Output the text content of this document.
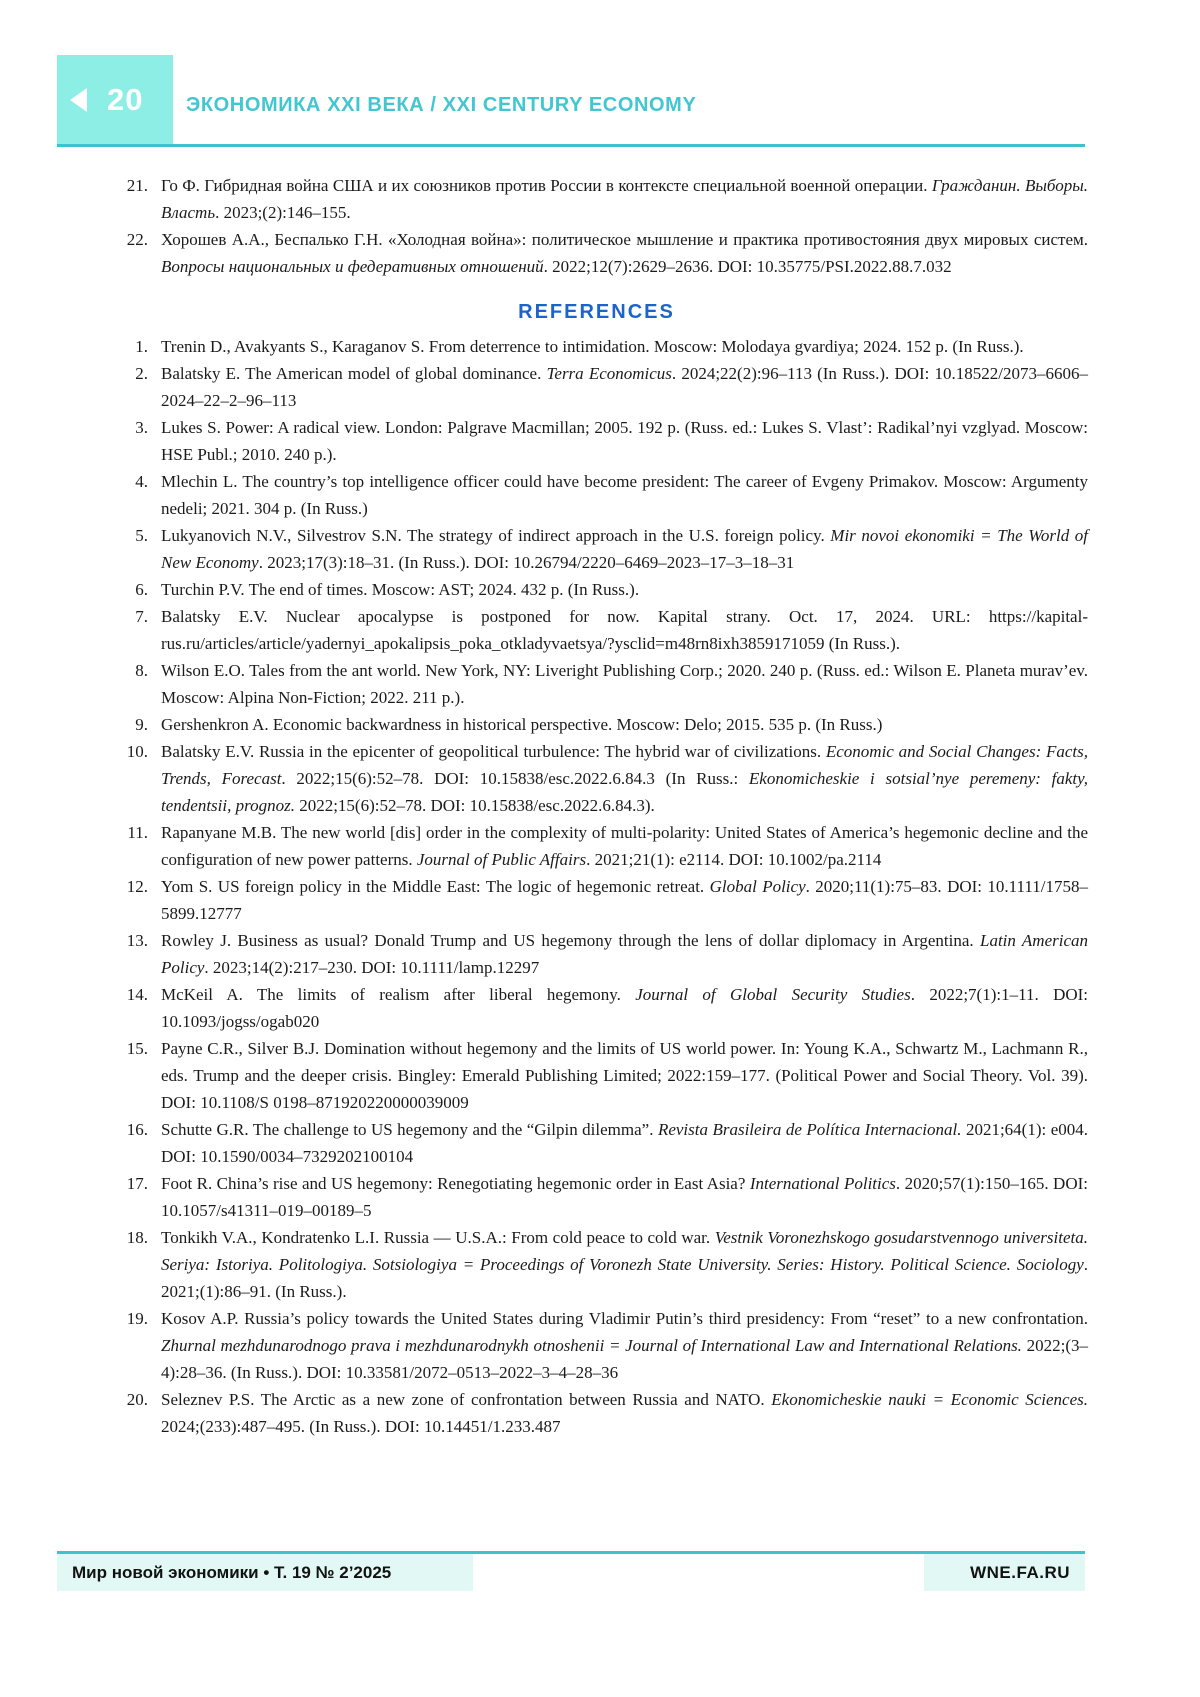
20 ЭКОНОМИКА XXI ВЕКА / XXI CENTURY ECONOMY
21. Го Ф. Гибридная война США и их союзников против России в контексте специальной военной операции. Гражданин. Выборы. Власть. 2023;(2):146–155.
22. Хорошев А.А., Беспалько Г.Н. «Холодная война»: политическое мышление и практика противостояния двух мировых систем. Вопросы национальных и федеративных отношений. 2022;12(7):2629–2636. DOI: 10.35775/PSI.2022.88.7.032
REFERENCES
1. Trenin D., Avakyants S., Karaganov S. From deterrence to intimidation. Moscow: Molodaya gvardiya; 2024. 152 p. (In Russ.).
2. Balatsky E. The American model of global dominance. Terra Economicus. 2024;22(2):96–113 (In Russ.). DOI: 10.18522/2073–6606–2024–22–2–96–113
3. Lukes S. Power: A radical view. London: Palgrave Macmillan; 2005. 192 p. (Russ. ed.: Lukes S. Vlast’: Radikal’nyi vzglyad. Moscow: HSE Publ.; 2010. 240 p.).
4. Mlechin L. The country’s top intelligence officer could have become president: The career of Evgeny Primakov. Moscow: Argumenty nedeli; 2021. 304 p. (In Russ.)
5. Lukyanovich N.V., Silvestrov S.N. The strategy of indirect approach in the U.S. foreign policy. Mir novoi ekonomiki = The World of New Economy. 2023;17(3):18–31. (In Russ.). DOI: 10.26794/2220–6469–2023–17–3–18–31
6. Turchin P.V. The end of times. Moscow: AST; 2024. 432 p. (In Russ.).
7. Balatsky E.V. Nuclear apocalypse is postponed for now. Kapital strany. Oct. 17, 2024. URL: https://kapital-rus.ru/articles/article/yadernyi_apokalipsis_poka_otkladyvaetsya/?ysclid=m48rn8ixh3859171059 (In Russ.).
8. Wilson E.O. Tales from the ant world. New York, NY: Liveright Publishing Corp.; 2020. 240 p. (Russ. ed.: Wilson E. Planeta murav’ev. Moscow: Alpina Non-Fiction; 2022. 211 p.).
9. Gershenkron A. Economic backwardness in historical perspective. Moscow: Delo; 2015. 535 p. (In Russ.)
10. Balatsky E.V. Russia in the epicenter of geopolitical turbulence: The hybrid war of civilizations. Economic and Social Changes: Facts, Trends, Forecast. 2022;15(6):52–78. DOI: 10.15838/esc.2022.6.84.3 (In Russ.: Ekonomicheskie i sotsial’nye peremeny: fakty, tendentsii, prognoz. 2022;15(6):52–78. DOI: 10.15838/esc.2022.6.84.3).
11. Rapanyane M.B. The new world [dis] order in the complexity of multi-polarity: United States of America’s hegemonic decline and the configuration of new power patterns. Journal of Public Affairs. 2021;21(1): e2114. DOI: 10.1002/pa.2114
12. Yom S. US foreign policy in the Middle East: The logic of hegemonic retreat. Global Policy. 2020;11(1):75–83. DOI: 10.1111/1758–5899.12777
13. Rowley J. Business as usual? Donald Trump and US hegemony through the lens of dollar diplomacy in Argentina. Latin American Policy. 2023;14(2):217–230. DOI: 10.1111/lamp.12297
14. McKeil A. The limits of realism after liberal hegemony. Journal of Global Security Studies. 2022;7(1):1–11. DOI: 10.1093/jogss/ogab020
15. Payne C.R., Silver B.J. Domination without hegemony and the limits of US world power. In: Young K.A., Schwartz M., Lachmann R., eds. Trump and the deeper crisis. Bingley: Emerald Publishing Limited; 2022:159–177. (Political Power and Social Theory. Vol. 39). DOI: 10.1108/S 0198–871920220000039009
16. Schutte G.R. The challenge to US hegemony and the “Gilpin dilemma”. Revista Brasileira de Política Internacional. 2021;64(1): e004. DOI: 10.1590/0034–7329202100104
17. Foot R. China’s rise and US hegemony: Renegotiating hegemonic order in East Asia? International Politics. 2020;57(1):150–165. DOI: 10.1057/s41311–019–00189–5
18. Tonkikh V.A., Kondratenko L.I. Russia — U.S.A.: From cold peace to cold war. Vestnik Voronezhskogo gosudarstvennogo universiteta. Seriya: Istoriya. Politologiya. Sotsiologiya = Proceedings of Voronezh State University. Series: History. Political Science. Sociology. 2021;(1):86–91. (In Russ.).
19. Kosov A.P. Russia’s policy towards the United States during Vladimir Putin’s third presidency: From “reset” to a new confrontation. Zhurnal mezhdunarodnogo prava i mezhdunarodnykh otnoshenii = Journal of International Law and International Relations. 2022;(3–4):28–36. (In Russ.). DOI: 10.33581/2072–0513–2022–3–4–28–36
20. Seleznev P.S. The Arctic as a new zone of confrontation between Russia and NATO. Ekonomicheskie nauki = Economic Sciences. 2024;(233):487–495. (In Russ.). DOI: 10.14451/1.233.487
Мир новой экономики • Т. 19 № 2’2025	WNE.FA.RU
